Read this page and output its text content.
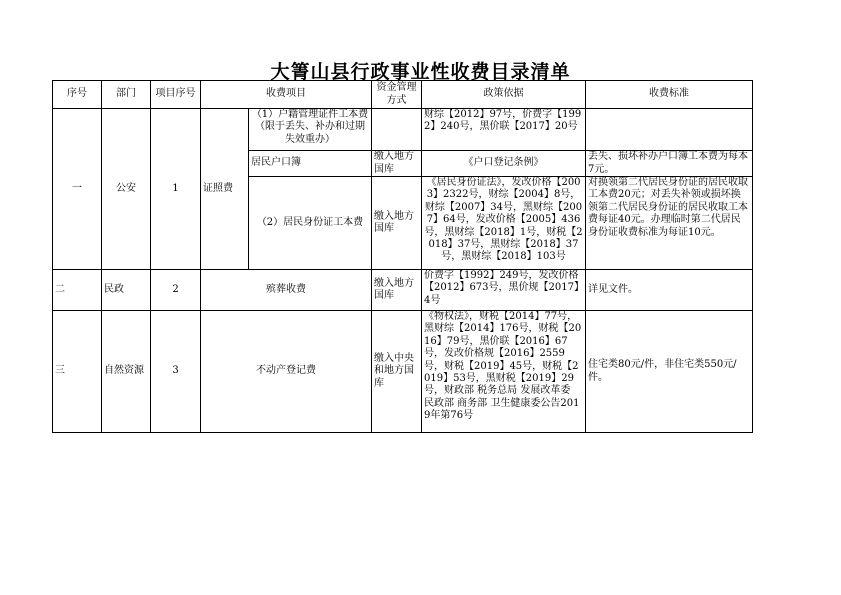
大箐山县行政事业性收费目录清单
序号	部门	项目序号	收费项目		资金管理方式	政策依据	收费标准
一	公安	1	证照费	（1）户籍管理证件工本费（限于丢失、补办和过期失效重办）		财综【2012】97号，价费字【1992】240号，黑价联【2017】20号	
				居民户口簿	缴入地方国库	《户口登记条例》	丢失、损坏补办户口簿工本费为每本7元。
				（2）居民身份证工本费	缴入地方国库	《居民身份证法》，发改价格【2003】2322号，财综【2004】8号，财综【2007】34号，黑财综【2007】64号，发改价格【2005】436号，黑财综【2018】1号，财税【2018】37号，黑财综【2018】37号，黑财综【2018】103号	对换领第二代居民身份证的居民收取工本费20元；对丢失补领或损坏换领第二代居民身份证的居民收取工本费每证40元。办理临时第二代居民身份证收费标准为每证10元。
二	民政	2	殡葬收费		缴入地方国库	价费字【1992】249号，发改价格【2012】673号，黑价规【2017】4号	详见文件。
三	自然资源	3	不动产登记费		缴入中央和地方国库	《物权法》，财税【2014】77号，黑财综【2014】176号，财税【2016】79号，黑价联【2016】67号，发改价格规【2016】2559号，财税【2019】45号，财税【2019】53号，黑财税【2019】29号，财政部 税务总局 发展改革委 民政部 商务部 卫生健康委公告2019年第76号	住宅类80元/件，非住宅类550元/件。
